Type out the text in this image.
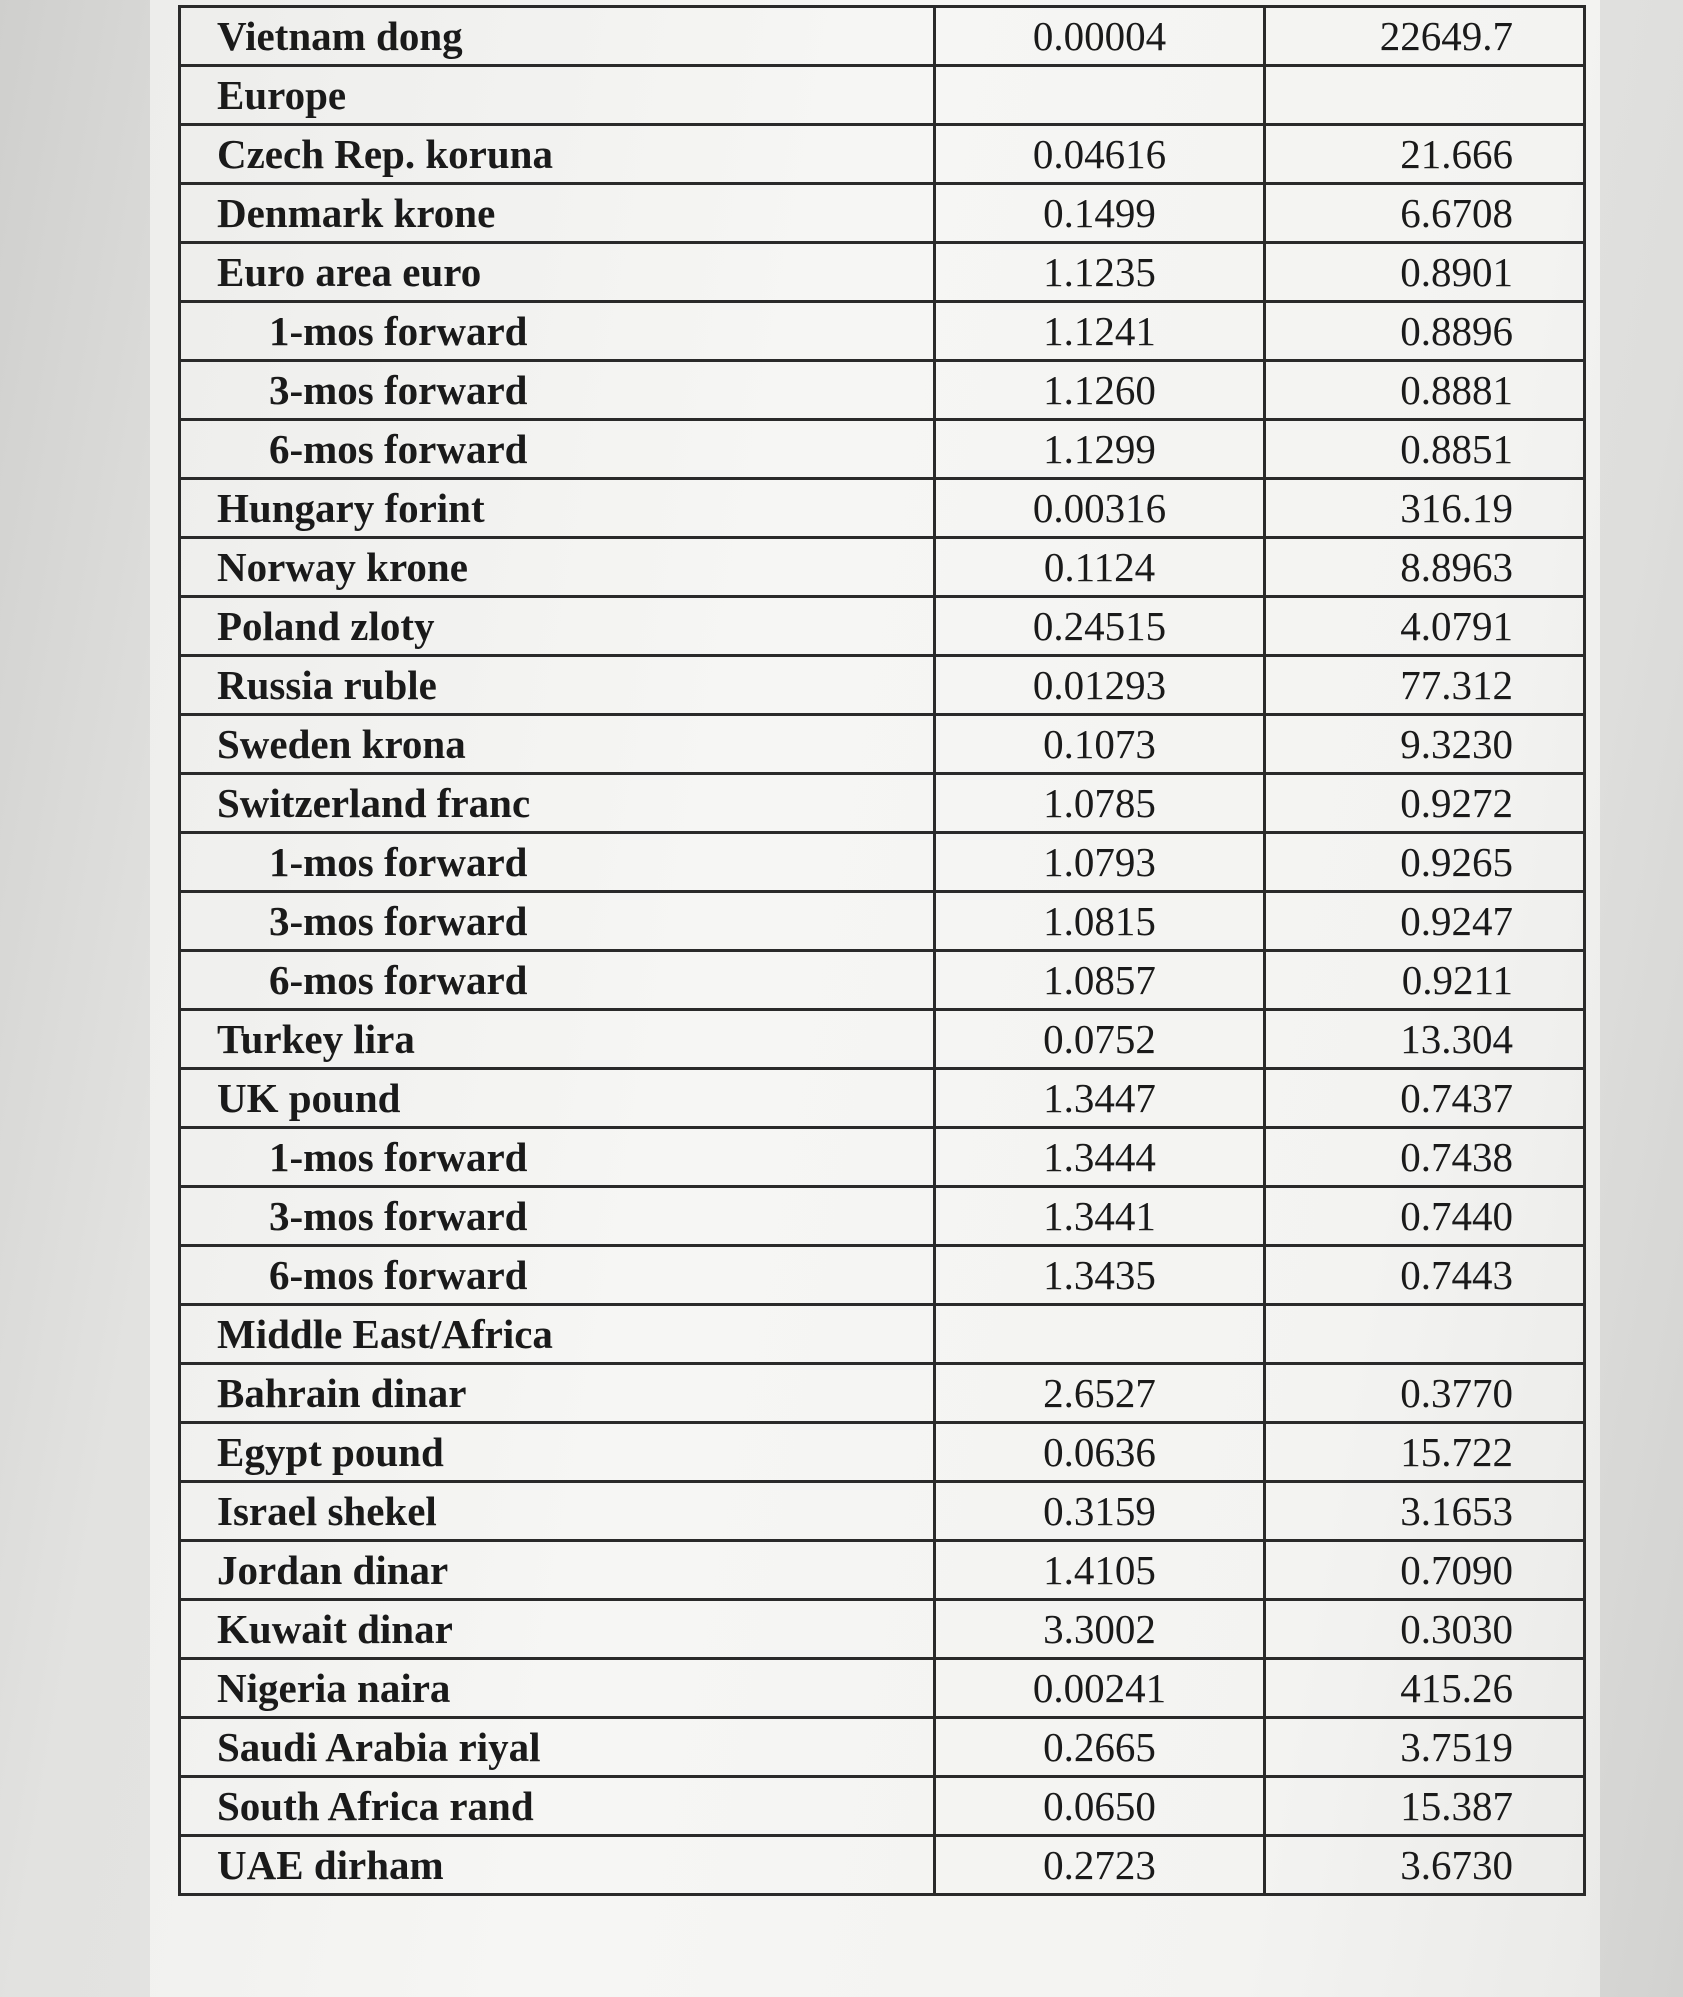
Vietnam dong	0.00004	22649.7
Europe		
Czech Rep. koruna	0.04616	21.666
Denmark krone	0.1499	6.6708
Euro area euro	1.1235	0.8901
1-mos forward	1.1241	0.8896
3-mos forward	1.1260	0.8881
6-mos forward	1.1299	0.8851
Hungary forint	0.00316	316.19
Norway krone	0.1124	8.8963
Poland zloty	0.24515	4.0791
Russia ruble	0.01293	77.312
Sweden krona	0.1073	9.3230
Switzerland franc	1.0785	0.9272
1-mos forward	1.0793	0.9265
3-mos forward	1.0815	0.9247
6-mos forward	1.0857	0.9211
Turkey lira	0.0752	13.304
UK pound	1.3447	0.7437
1-mos forward	1.3444	0.7438
3-mos forward	1.3441	0.7440
6-mos forward	1.3435	0.7443
Middle East/Africa		
Bahrain dinar	2.6527	0.3770
Egypt pound	0.0636	15.722
Israel shekel	0.3159	3.1653
Jordan dinar	1.4105	0.7090
Kuwait dinar	3.3002	0.3030
Nigeria naira	0.00241	415.26
Saudi Arabia riyal	0.2665	3.7519
South Africa rand	0.0650	15.387
UAE dirham	0.2723	3.6730
